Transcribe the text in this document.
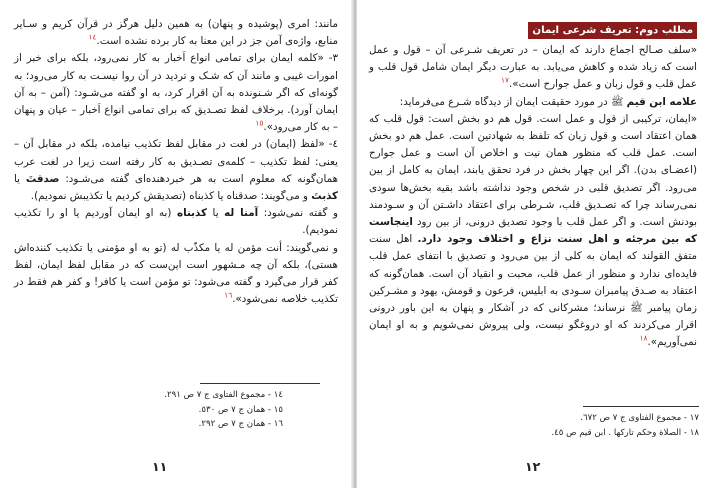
مانند: امری (پوشیده و پنهان) به همین دلیل هرگز در قرآن کریم و سـایر منابع، واژه‌ی آمن جز در این معنا به کار برده نشده است.$^{١٤}$

٣- «کلمه ایمان برای تمامی انواع اَخبار به کار نمی‌رود، بلکه برای خبر از امورات غیبی و مانند آن که شـک و تردید در آن روا نیسـت به کار می‌رود؛ به گونه‌ای که اگر شـنونده به آن اقرار کرد، به او گفته می‌شـود: (آمن – به آن ایمان آورد). برخلاف لفظ تصـدیق که برای تمامی انواع اَخبار – عیان و پنهان – به کار می‌رود».$^{١٥}$

٤- «لفظ (ایمان) در لغت در مقابل لفظ تکذیب نیامده، بلکه در مقابل آن – یعنی: لفظ تکذیب – کلمه‌ی تصـدیق به کار رفته است زیرا در لغت عرب همان‌گونه که معلوم است به هر خبردهنده‌ای گفته می‌شـود: صدقتَ یا کذبتَ و می‌گویند: صدقناه یا کذبناه (تصدیقش کردیم یا تکذیبش نمودیم).

و گفته نمی‌شود: آمنا له یا کذبناه (به او ایمان آوردیم یا او را تکذیب نمودیم).

و نمی‌گویند: أنت مؤمن له یا مکذّب له (تو به او مؤمنی یا تکذیب کننده‌اش هستی)، بلکه آن چه مـشهور است این‌ست که در مقابل لفظ ایمان، لفظ کفر قرار می‌گیرد و گفته می‌شود: تو مؤمن است یا کافر! و کفر هم فقط در تکذیب خلاصه نمی‌شود».$^{١٦}$

١٤ - مجموع الفتاوی ج ٧ ص ٢٩١.
١٥ - همان ج ٧ ص ٥٣٠.
١٦ - همان ج ٧ ص ٢٩٢.
١١
مطلب دوم: تعریف شرعی ایمان

«سلف صـالح اجماع دارند که ایمان – در تعریف شـرعی آن – قول و عمل است که زیاد شده و کاهش می‌یابد. به عبارت دیگر ایمان شامل قول قلب و عمل قلب و قول زبان و عمل جوارح است».$^{١٧}$

علامه ابن قیم ﷺ در مورد حقیقت ایمان از دیدگاه شـرع می‌فرماید:

«ایمان، ترکیبی از قول و عمل است. قول هم دو بخش است: قول قلب که همان اعتقاد است و قول زبان که تلفظ به شهادتین است. عمل هم دو بخش است. عمل قلب که منظور همان نیت و اخلاص آن است و عمل جوارح (اعضـای بدن). اگر این چهار بخش در فرد تحقق یابند، ایمان به کامل از بین می‌رود. اگر تصدیق قلبی در شخص وجود نداشته باشد بقیه بخش‌ها سودی نمی‌رساند چرا که تصـدیق قلب، شـرطی برای اعتقاد داشـتن آن و سـودمند بودنش است. و اگر عمل قلب با وجود تصدیق درونی، از بین رود اینجاست که بین مرجئه و اهل سنت نزاع و اختلاف وجود دارد. اهل سنت متفق القولند که ایمان به کلی از بین می‌رود و تصدیق با انتفای عمل قلب فایده‌ای ندارد و منظور از عمل قلب، محبت و انقیاد آن است. همان‌گونه که اعتقاد به صـدق پیامبران سـودی به ابلیس، فرعون و قومش، یهود و مشـرکین زمان پیامبر ﷺ نرساند؛ مشرکانی که در آشکار و پنهان به این باور درونی اقرار می‌کردند که او دروغگو نیست، ولی پیروش نمی‌شویم و به او ایمان نمی‌آوریم».$^{١٨}$

١٧ - مجموع الفتاوی ج ٧ ص ٦٧٢.
١٨ - الصلاة وحکم تارکها . ابن قیم ص ٤٥.
١٢
